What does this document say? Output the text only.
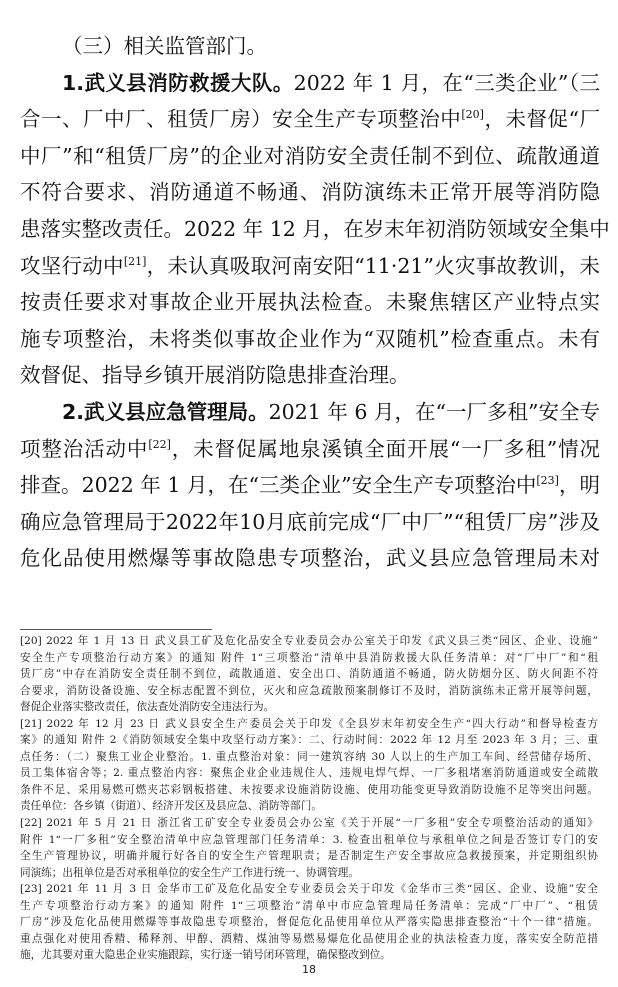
（三）相关监管部门。
1.武义县消防救援大队。2022 年 1 月，在“三类企业”（三
合一、厂中厂、租赁厂房）安全生产专项整治中[20]，未督促“厂
中厂”和“租赁厂房”的企业对消防安全责任制不到位、疏散通道
不符合要求、消防通道不畅通、消防演练未正常开展等消防隐
患落实整改责任。2022 年 12 月，在岁末年初消防领域安全集中
攻坚行动中[21]，未认真吸取河南安阳“11·21”火灾事故教训，未
按责任要求对事故企业开展执法检查。未聚焦辖区产业特点实
施专项整治，未将类似事故企业作为“双随机”检查重点。未有
效督促、指导乡镇开展消防隐患排查治理。
2.武义县应急管理局。2021 年 6 月，在“一厂多租”安全专
项整治活动中[22]，未督促属地泉溪镇全面开展“一厂多租”情况
排查。2022 年 1 月，在“三类企业”安全生产专项整治中[23]，明
确应急管理局于2022年10月底前完成“厂中厂”“租赁厂房”涉及
危化品使用燃爆等事故隐患专项整治，武义县应急管理局未对
[20] 2022 年 1 月 13 日 武义县工矿及危化品安全专业委员会办公室关于印发《武义县三类“园区、企业、设施”
安全生产专项整治行动方案》的通知 附件 1“三项整治”清单中县消防救援大队任务清单：对“厂中厂”和“租
赁厂房”中存在消防安全责任制不到位，疏散通道、安全出口、消防通道不畅通，防火防烟分区、防火间距不符
合要求，消防设备设施、安全标志配置不到位，灭火和应急疏散预案制修订不及时，消防演练未正常开展等问题，
督促企业落实整改责任，依法查处消防安全违法行为。
[21] 2022 年 12 月 23 日 武义县安全生产委员会关于印发《全县岁末年初安全生产“四大行动”和督导检查方
案》的通知 附件 2《消防领域安全集中攻坚行动方案》：二、行动时间：2022 年 12 月至 2023 年 3 月；三、重
点任务：（二）聚焦工业企业整治。1. 重点整治对象：同一建筑容纳 30 人以上的生产加工车间、经营储存场所、
员工集体宿舍等；2. 重点整治内容：聚焦企业企业违规住人、违规电焊气焊、一厂多租堵塞消防通道或安全疏散
条件不足、采用易燃可燃夹芯彩钢板搭建、未按要求设施消防设施、使用功能变更导致消防设施不足等突出问题。
责任单位：各乡镇（街道）、经济开发区及县应急、消防等部门。
[22] 2021 年 5 月 21 日 浙江省工矿安全专业委员会办公室《关于开展“一厂多租”安全专项整治活动的通知》
附件 1“一厂多租”安全整治清单中应急管理部门任务清单：3. 检查出租单位与承租单位之间是否签订专门的安
全生产管理协议，明确并履行好各自的安全生产管理职责；是否制定生产安全事故应急救援预案，并定期组织协
同演练；出租单位是否对承租单位的安全生产工作进行统一、协调管理。
[23] 2021 年 11 月 3 日 金华市工矿及危化品安全专业委员会关于印发《金华市三类“园区、企业、设施”安全
生产专项整治行动方案》的通知 附件 1“三项整治”清单中市应急管理局任务清单：完成“厂中厂”、“租赁
厂房”涉及危化品使用燃爆等事故隐患专项整治，督促危化品使用单位从严落实隐患排查整治“十个一律”措施。
重点强化对使用香精、稀释剂、甲醇、酒精、煤油等易燃易爆危化品使用企业的执法检查力度，落实安全防范措
施，尤其要对重大隐患企业实施跟踪，实行逐一销号闭环管理，确保整改到位。
18
